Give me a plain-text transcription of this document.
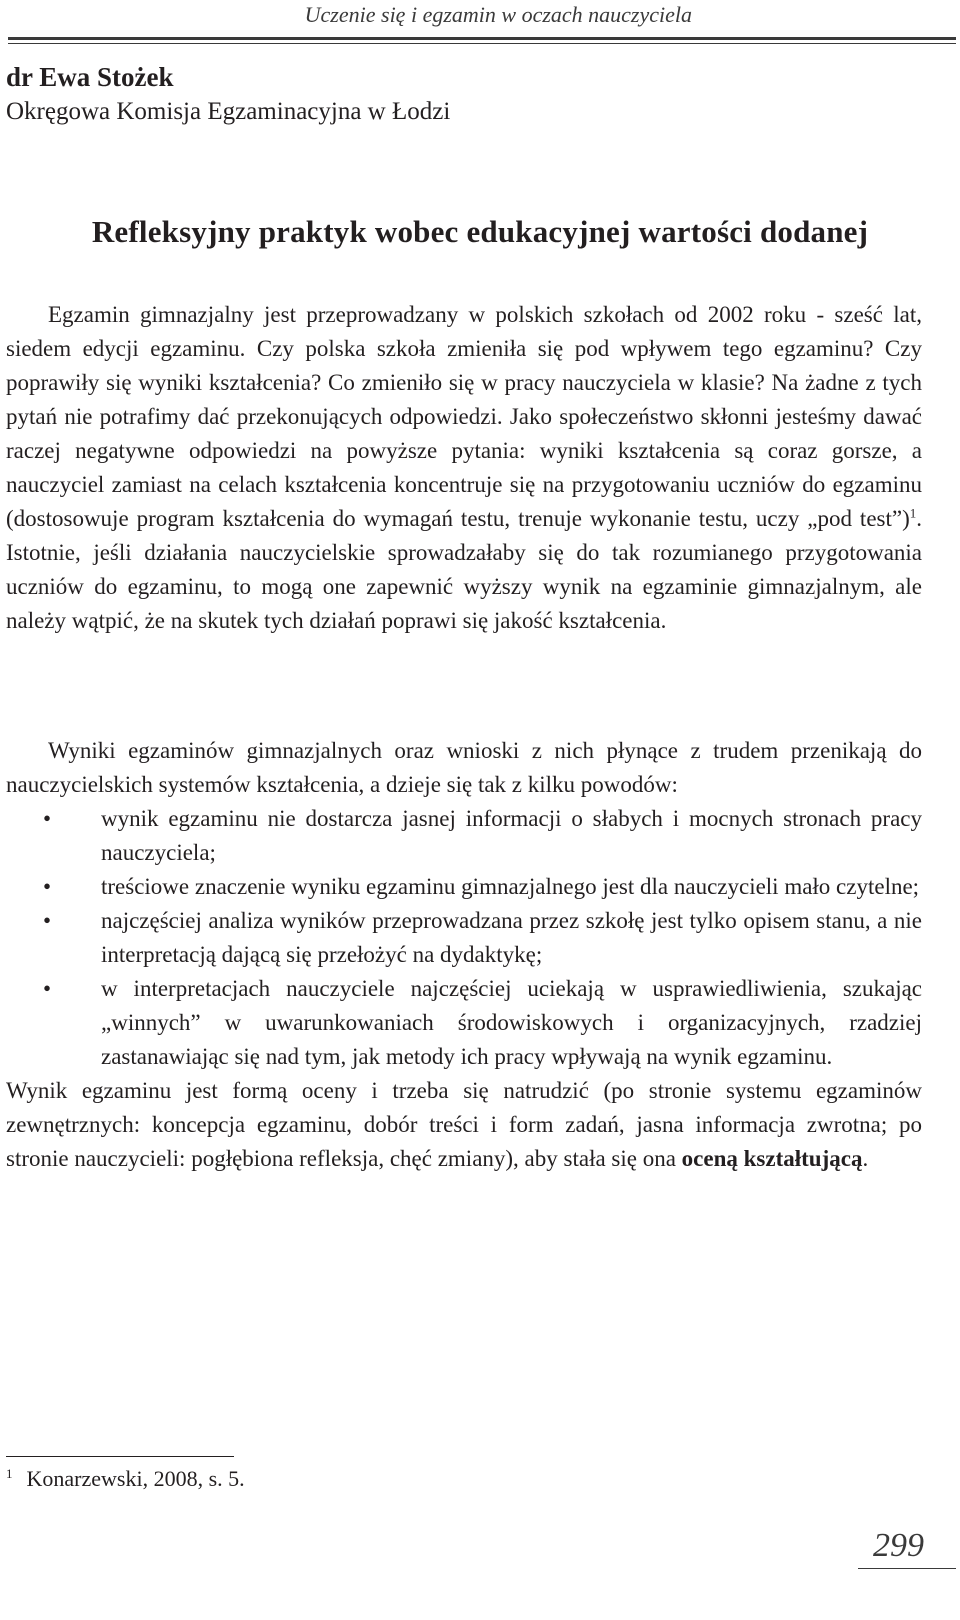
Uczenie się i egzamin w oczach nauczyciela
dr Ewa Stożek
Okręgowa Komisja Egzaminacyjna w Łodzi
Refleksyjny praktyk wobec edukacyjnej wartości dodanej

Egzamin gimnazjalny jest przeprowadzany w polskich szkołach od 2002 roku - sześć lat, siedem edycji egzaminu. Czy polska szkoła zmieniła się pod wpływem tego egzaminu? Czy poprawiły się wyniki kształcenia? Co zmieniło się w pracy nauczyciela w klasie? Na żadne z tych pytań nie potrafimy dać przekonujących odpowiedzi. Jako społeczeństwo skłonni jesteśmy dawać raczej negatywne odpowiedzi na powyższe pytania: wyniki kształcenia są coraz gorsze, a nauczyciel zamiast na celach kształcenia koncentruje się na przygotowaniu uczniów do egzaminu (dostosowuje program kształcenia do wymagań testu, trenuje wykonanie testu, uczy „pod test”)$^1$. Istotnie, jeśli działania nauczycielskie sprowadzałaby się do tak rozumianego przygotowania uczniów do egzaminu, to mogą one zapewnić wyższy wynik na egzaminie gimnazjalnym, ale należy wątpić, że na skutek tych działań poprawi się jakość kształcenia.

Wyniki egzaminów gimnazjalnych oraz wnioski z nich płynące z trudem przenikają do nauczycielskich systemów kształcenia, a dzieje się tak z kilku powodów:

• wynik egzaminu nie dostarcza jasnej informacji o słabych i mocnych stronach pracy nauczyciela;
• treściowe znaczenie wyniku egzaminu gimnazjalnego jest dla nauczycieli mało czytelne;
• najczęściej analiza wyników przeprowadzana przez szkołę jest tylko opisem stanu, a nie interpretacją dającą się przełożyć na dydaktykę;
• w interpretacjach nauczyciele najczęściej uciekają w usprawiedliwienia, szukając „winnych” w uwarunkowaniach środowiskowych i organizacyjnych, rzadziej zastanawiając się nad tym, jak metody ich pracy wpływają na wynik egzaminu.

Wynik egzaminu jest formą oceny i trzeba się natrudzić (po stronie systemu egzaminów zewnętrznych: koncepcja egzaminu, dobór treści i form zadań, jasna informacja zwrotna; po stronie nauczycieli: pogłębiona refleksja, chęć zmiany), aby stała się ona oceną kształtującą.

$^1$ Konarzewski, 2008, s. 5.
299
